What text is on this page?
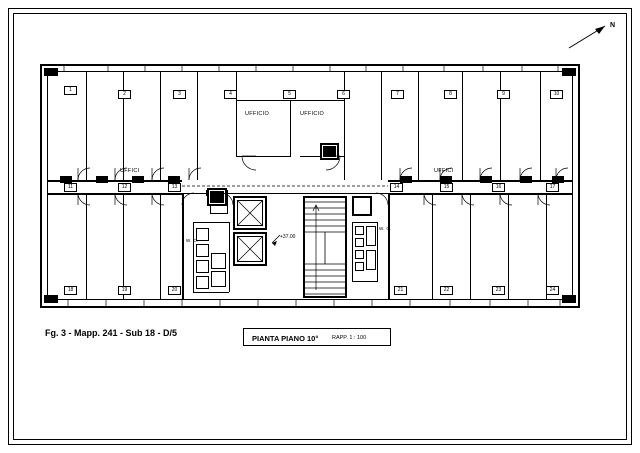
N
1
2	3	4	5	6	7	8	9	10
11	12	13	14	15	16	17
18	19	20	21	22	23	24
UFFICIO	UFFICIO
UFFICI	UFFICI
W. C.
W. C.
+37.00
Fg. 3 - Mapp. 241 - Sub 18 - D/5
PIANTA PIANO 10° RAPP. 1 : 100
